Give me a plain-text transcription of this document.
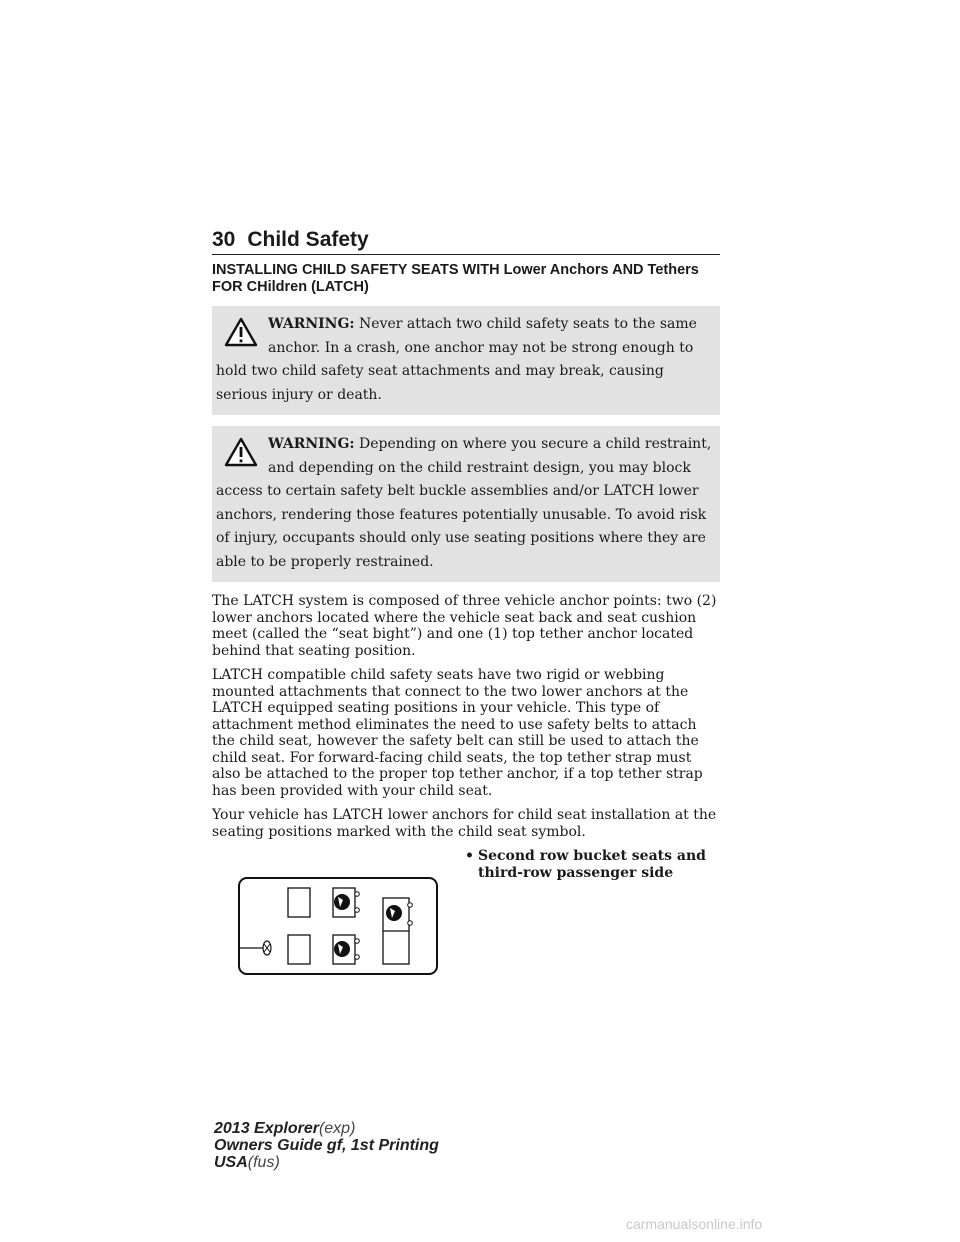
30 Child Safety
INSTALLING CHILD SAFETY SEATS WITH Lower Anchors AND Tethers FOR CHildren (LATCH)
WARNING: Never attach two child safety seats to the same anchor. In a crash, one anchor may not be strong enough to hold two child safety seat attachments and may break, causing serious injury or death.
WARNING: Depending on where you secure a child restraint, and depending on the child restraint design, you may block access to certain safety belt buckle assemblies and/or LATCH lower anchors, rendering those features potentially unusable. To avoid risk of injury, occupants should only use seating positions where they are able to be properly restrained.

The LATCH system is composed of three vehicle anchor points: two (2) lower anchors located where the vehicle seat back and seat cushion meet (called the “seat bight”) and one (1) top tether anchor located behind that seating position.

LATCH compatible child safety seats have two rigid or webbing mounted attachments that connect to the two lower anchors at the LATCH equipped seating positions in your vehicle. This type of attachment method eliminates the need to use safety belts to attach the child seat, however the safety belt can still be used to attach the child seat. For forward-facing child seats, the top tether strap must also be attached to the proper top tether anchor, if a top tether strap has been provided with your child seat.

Your vehicle has LATCH lower anchors for child seat installation at the seating positions marked with the child seat symbol.

• Second row bucket seats and third-row passenger side
2013 Explorer(exp)
Owners Guide gf, 1st Printing
USA(fus)
carmanualsonline.info
